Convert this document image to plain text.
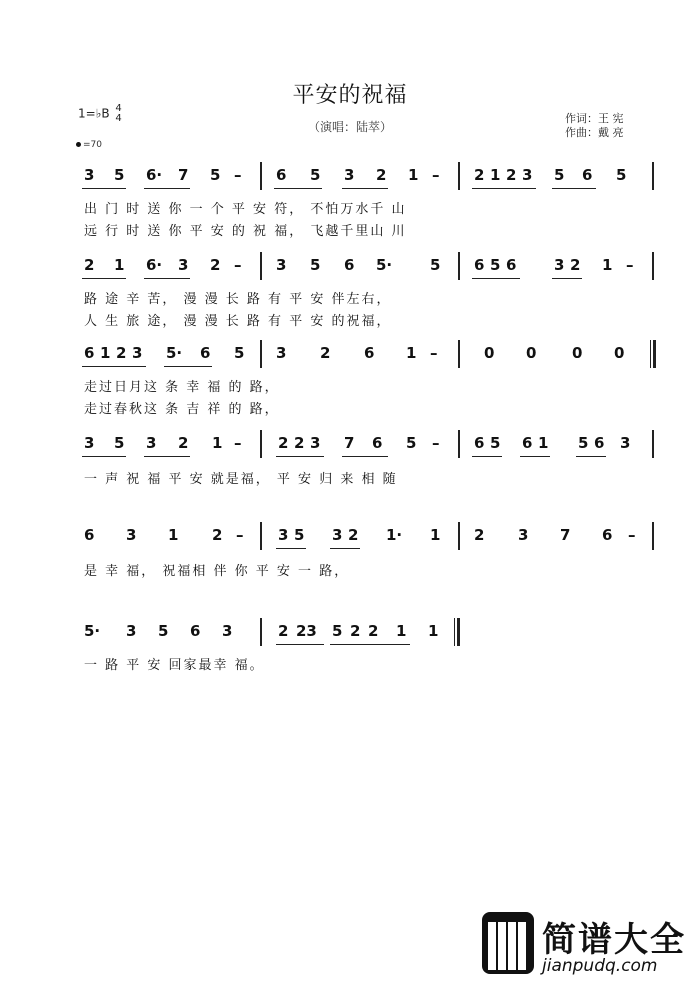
平安的祝福
（演唱：陆萃）
作词：王 宪
作曲：戴 亮
1=♭B 4
4
=70
3 5 6· 7 5 – 6 5 3 2 1 – 2 1 2 3 5 6 5
出 门 时 送 你 一 个 平 安 符， 不怕万水千 山
远 行 时 送 你 平 安 的 祝 福， 飞越千里山 川
2 1 6· 3 2 – 3 5 6 5·	5 6 5 6	3 2 1 –
路 途 辛 苦， 漫 漫 长 路 有 平 安 伴左右，
人 生 旅 途， 漫 漫 长 路 有 平 安 的祝福，
6 1 2 3 5· 6 5 3 2 6 1 –	0 0 0 0
走过日月这 条 幸 福 的 路，
走过春秋这 条 吉 祥 的 路，
3 5 3 2 1 – 2 2 3 7 6 5 – 6 5 6 1 5 6 3
一 声 祝 福 平 安 就是福， 平 安 归 来 相 随
6 3 1 2 – 3 5 3 2 1· 1 2 3 7 6 –
是 幸 福， 祝福相 伴 你 平 安 一 路，
5· 3 5 6 3	2 23 5 2 2 1 1
一 路 平 安 回家最幸 福。
简谱大全
jianpudq.com
